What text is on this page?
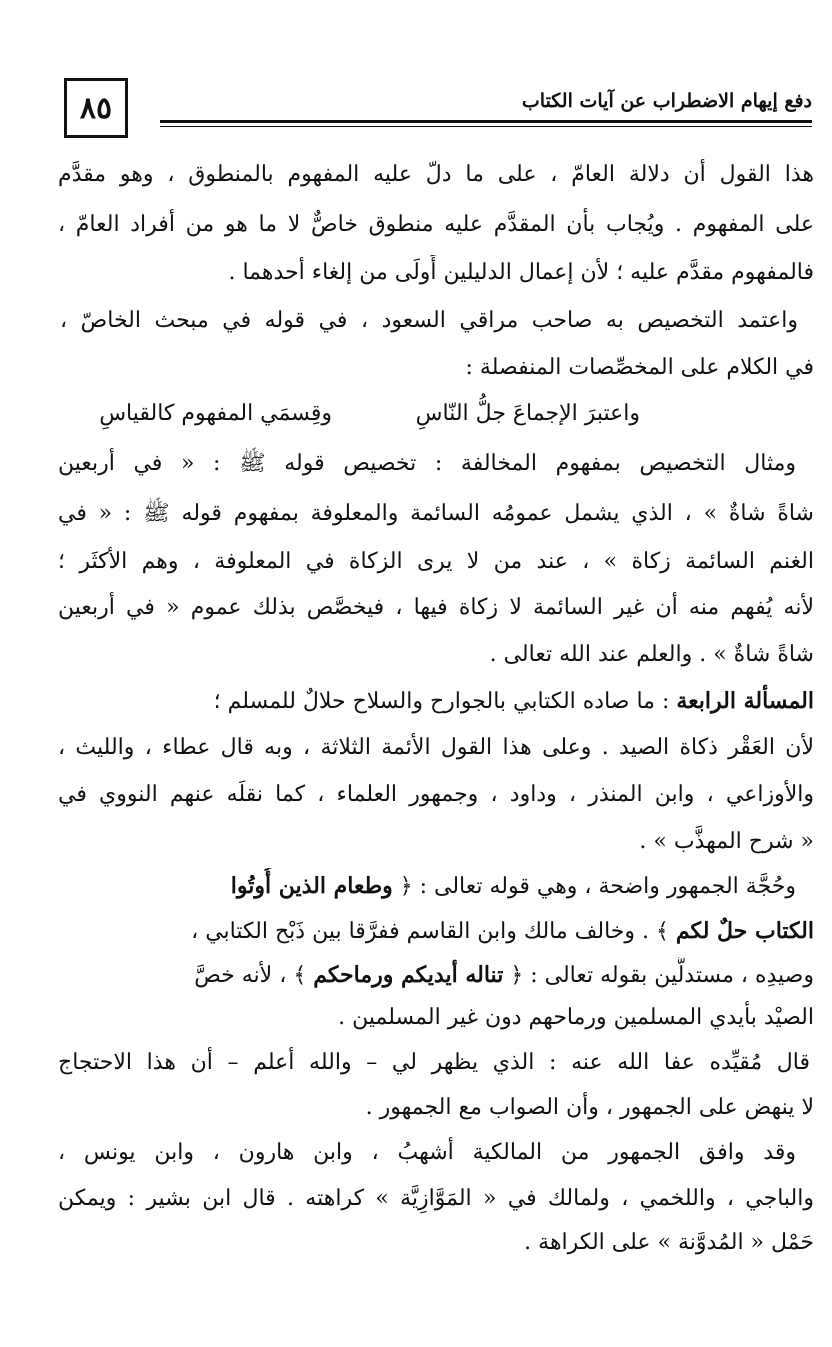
٨٥	دفع إيهام الاضطراب عن آيات الكتاب
هذا القول أن دلالة العامّ ، على ما دلّ عليه المفهوم بالمنطوق ، وهو مقدَّم
على المفهوم . ويُجاب بأن المقدَّم عليه منطوق خاصٌّ لا ما هو من أفراد العامّ ،
فالمفهوم مقدَّم عليه ؛ لأن إعمال الدليلين أَولَى من إلغاء أحدهما .
واعتمد التخصيص به صاحب مراقي السعود ، في قوله في مبحث الخاصّ ،
في الكلام على المخصِّصات المنفصلة :
واعتبرَ الإجماعَ جلُّ النّاسِ
وقِسمَي المفهوم كالقياسِ
ومثال التخصيص بمفهوم المخالفة : تخصيص قوله ﷺ : « في أربعين
شاةً شاةٌ » ، الذي يشمل عمومُه السائمة والمعلوفة بمفهوم قوله ﷺ : « في
الغنم السائمة زكاة » ، عند من لا يرى الزكاة في المعلوفة ، وهم الأكثَر ؛
لأنه يُفهم منه أن غير السائمة لا زكاة فيها ، فيخصَّص بذلك عموم « في أربعين
شاةً شاةٌ » . والعلم عند الله تعالى .
المسألة الرابعة : ما صاده الكتابي بالجوارح والسلاح حلالٌ للمسلم ؛
لأن العَقْر ذكاة الصيد . وعلى هذا القول الأئمة الثلاثة ، وبه قال عطاء ، والليث ،
والأوزاعي ، وابن المنذر ، وداود ، وجمهور العلماء ، كما نقلَه عنهم النووي في
« شرح المهذَّب » .
وحُجَّة الجمهور واضحة ، وهي قوله تعالى : ﴿ وطعام الذين أُوتُوا
الكتاب حلٌ لكم ﴾ . وخالف مالك وابن القاسم ففرَّقا بين ذَبْح الكتابي ،
وصيدِه ، مستدلَّين بقوله تعالى : ﴿ تناله أيديكم ورماحكم ﴾ ، لأنه خصَّ
الصيْد بأيدي المسلمين ورماحهم دون غير المسلمين .
قال مُقيِّده عفا الله عنه : الذي يظهر لي – والله أعلم – أن هذا الاحتجاج
لا ينهض على الجمهور ، وأن الصواب مع الجمهور .
وقد وافق الجمهور من المالكية أشهبُ ، وابن هارون ، وابن يونس ،
والباجي ، واللخمي ، ولمالك في « المَوَّازِيَّة » كراهته . قال ابن بشير : ويمكن
حَمْل « المُدوَّنة » على الكراهة .
